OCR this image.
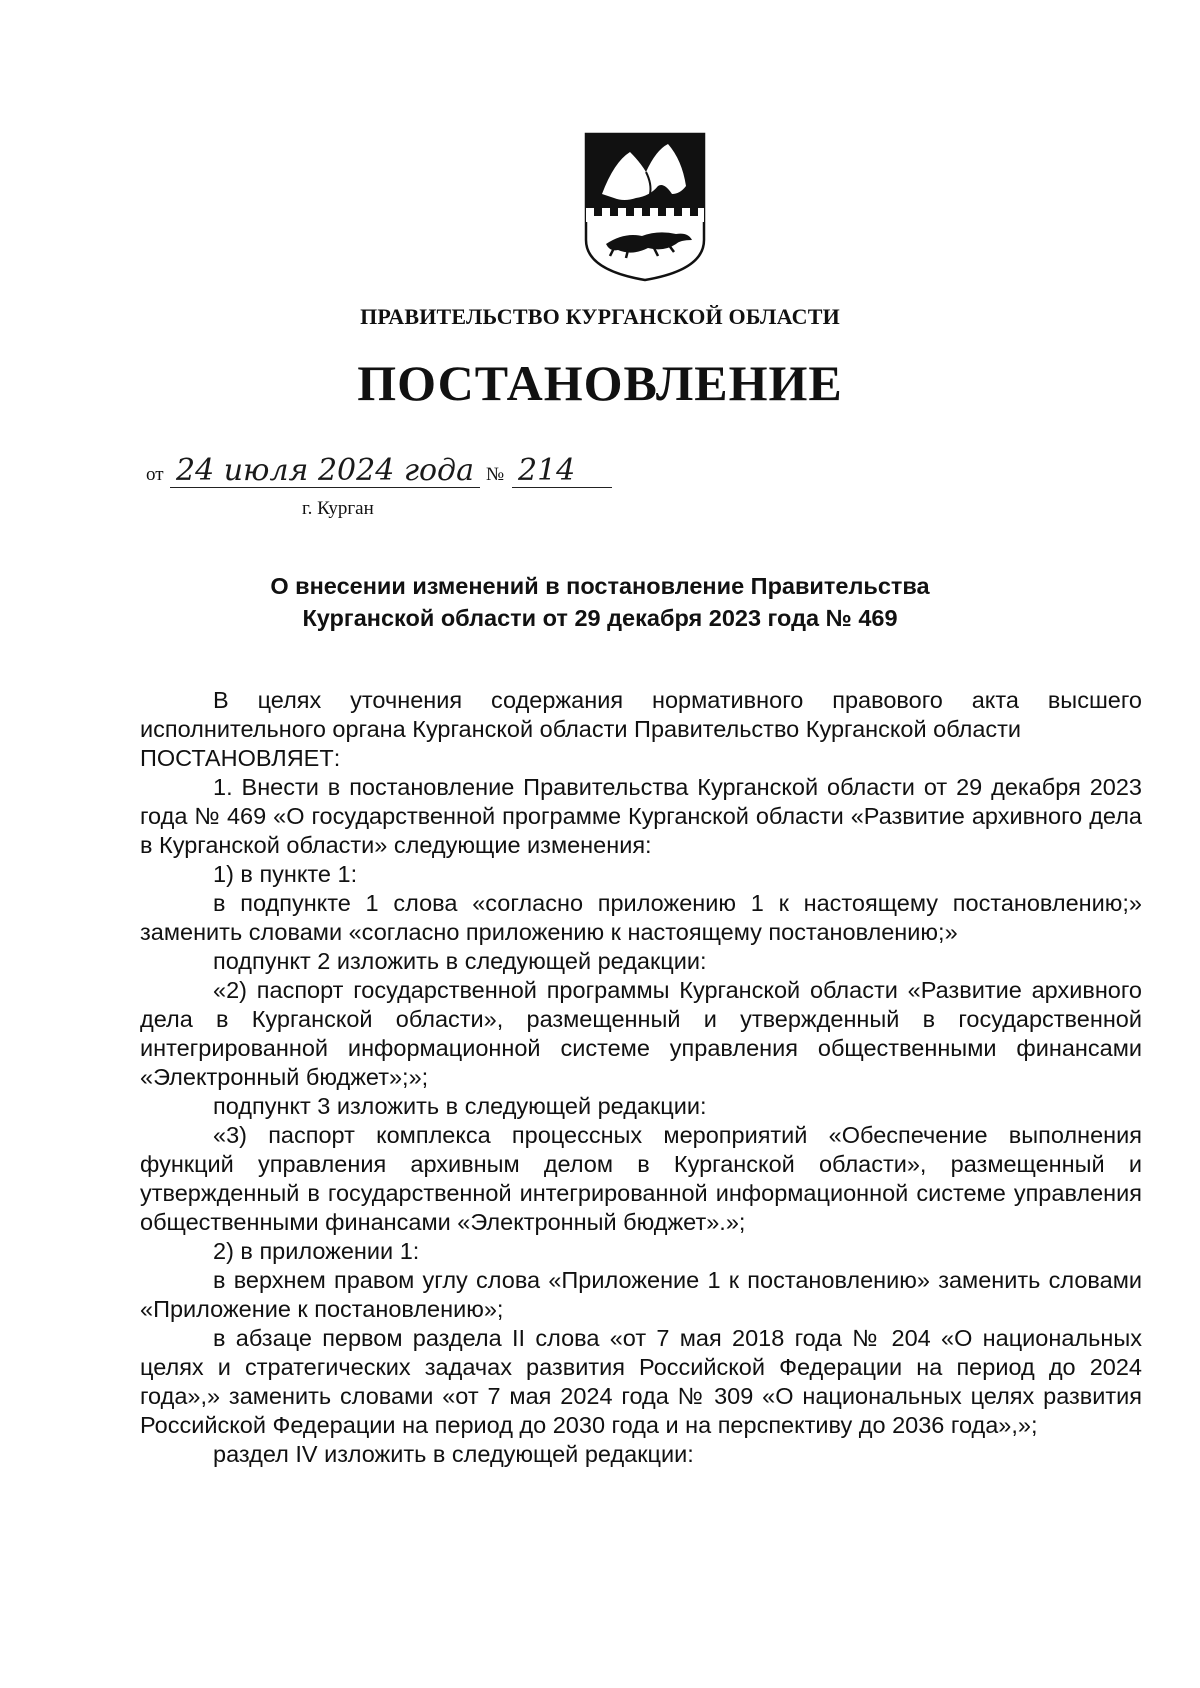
ПРАВИТЕЛЬСТВО КУРГАНСКОЙ ОБЛАСТИ
ПОСТАНОВЛЕНИЕ
от 24 июля 2024 года № 214
г. Курган
О внесении изменений в постановление Правительства
Курганской области от 29 декабря 2023 года № 469

В целях уточнения содержания нормативного правового акта высшего исполнительного органа Курганской области Правительство Курганской области

ПОСТАНОВЛЯЕТ:

1. Внести в постановление Правительства Курганской области от 29 декабря 2023 года № 469 «О государственной программе Курганской области «Развитие архивного дела в Курганской области» следующие изменения:

1) в пункте 1:

в подпункте 1 слова «согласно приложению 1 к настоящему постановлению;» заменить словами «согласно приложению к настоящему постановлению;»

подпункт 2 изложить в следующей редакции:

«2) паспорт государственной программы Курганской области «Развитие архивного дела в Курганской области», размещенный и утвержденный в государственной интегрированной информационной системе управления общественными финансами «Электронный бюджет»;»;

подпункт 3 изложить в следующей редакции:

«3) паспорт комплекса процессных мероприятий «Обеспечение выполнения функций управления архивным делом в Курганской области», размещенный и утвержденный в государственной интегрированной информационной системе управления общественными финансами «Электронный бюджет».»;

2) в приложении 1:

в верхнем правом углу слова «Приложение 1 к постановлению» заменить словами «Приложение к постановлению»;

в абзаце первом раздела II слова «от 7 мая 2018 года № 204 «О национальных целях и стратегических задачах развития Российской Федерации на период до 2024 года»,» заменить словами «от 7 мая 2024 года № 309 «О национальных целях развития Российской Федерации на период до 2030 года и на перспективу до 2036 года»,»;

раздел IV изложить в следующей редакции:
